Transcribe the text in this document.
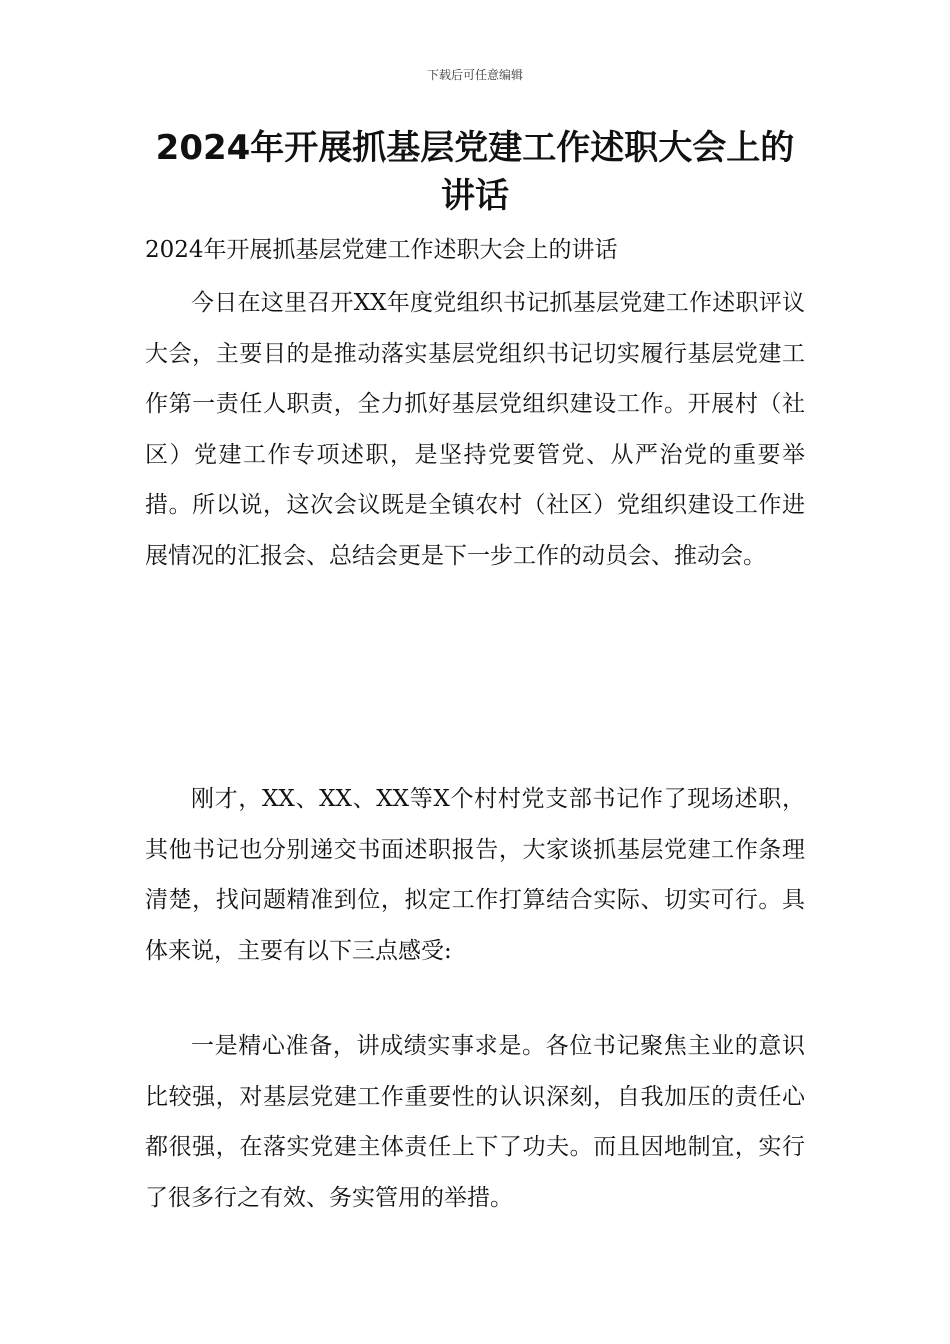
下载后可任意编辑
2024年开展抓基层党建工作述职大会上的讲话

2024年开展抓基层党建工作述职大会上的讲话

今日在这里召开XX年度党组织书记抓基层党建工作述职评议大会，主要目的是推动落实基层党组织书记切实履行基层党建工作第一责任人职责，全力抓好基层党组织建设工作。开展村（社区）党建工作专项述职，是坚持党要管党、从严治党的重要举措。所以说，这次会议既是全镇农村（社区）党组织建设工作进展情况的汇报会、总结会更是下一步工作的动员会、推动会。

刚才，XX、XX、XX等X个村村党支部书记作了现场述职，其他书记也分别递交书面述职报告，大家谈抓基层党建工作条理清楚，找问题精准到位，拟定工作打算结合实际、切实可行。具体来说，主要有以下三点感受:

一是精心准备，讲成绩实事求是。各位书记聚焦主业的意识比较强，对基层党建工作重要性的认识深刻，自我加压的责任心都很强，在落实党建主体责任上下了功夫。而且因地制宜，实行了很多行之有效、务实管用的举措。
